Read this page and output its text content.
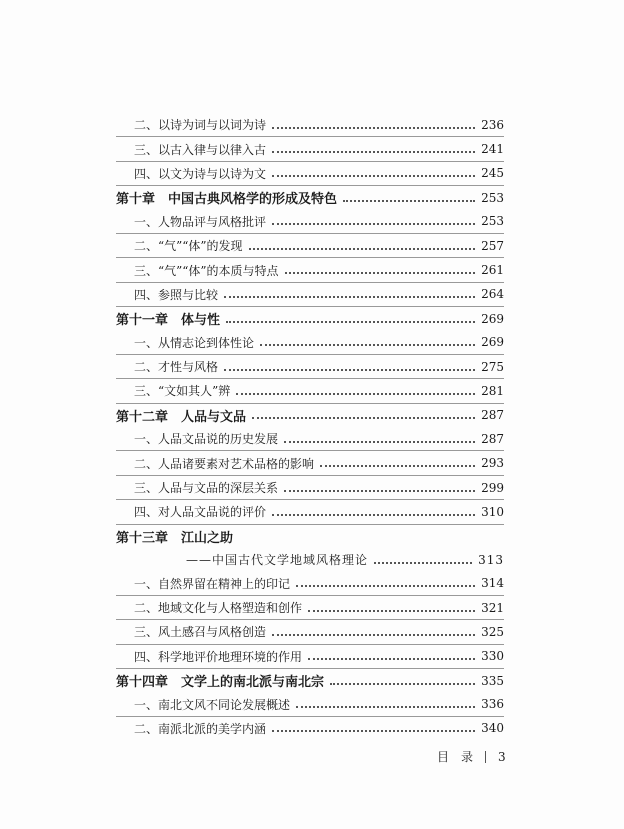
二、以诗为词与以词为诗	236
三、以古入律与以律入古	241
四、以文为诗与以诗为文	245
第十章　中国古典风格学的形成及特色	253
一、人物品评与风格批评	253
二、“气”“体”的发现	257
三、“气”“体”的本质与特点	261
四、参照与比较	264
第十一章　体与性	269
一、从情志论到体性论	269
二、才性与风格	275
三、“文如其人”辨	281
第十二章　人品与文品	287
一、人品文品说的历史发展	287
二、人品诸要素对艺术品格的影响	293
三、人品与文品的深层关系	299
四、对人品文品说的评价	310
第十三章　江山之助
——中国古代文学地域风格理论	313
一、自然界留在精神上的印记	314
二、地域文化与人格塑造和创作	321
三、风土感召与风格创造	325
四、科学地评价地理环境的作用	330
第十四章　文学上的南北派与南北宗	335
一、南北文风不同论发展概述	336
二、南派北派的美学内涵	340
目　录 3
